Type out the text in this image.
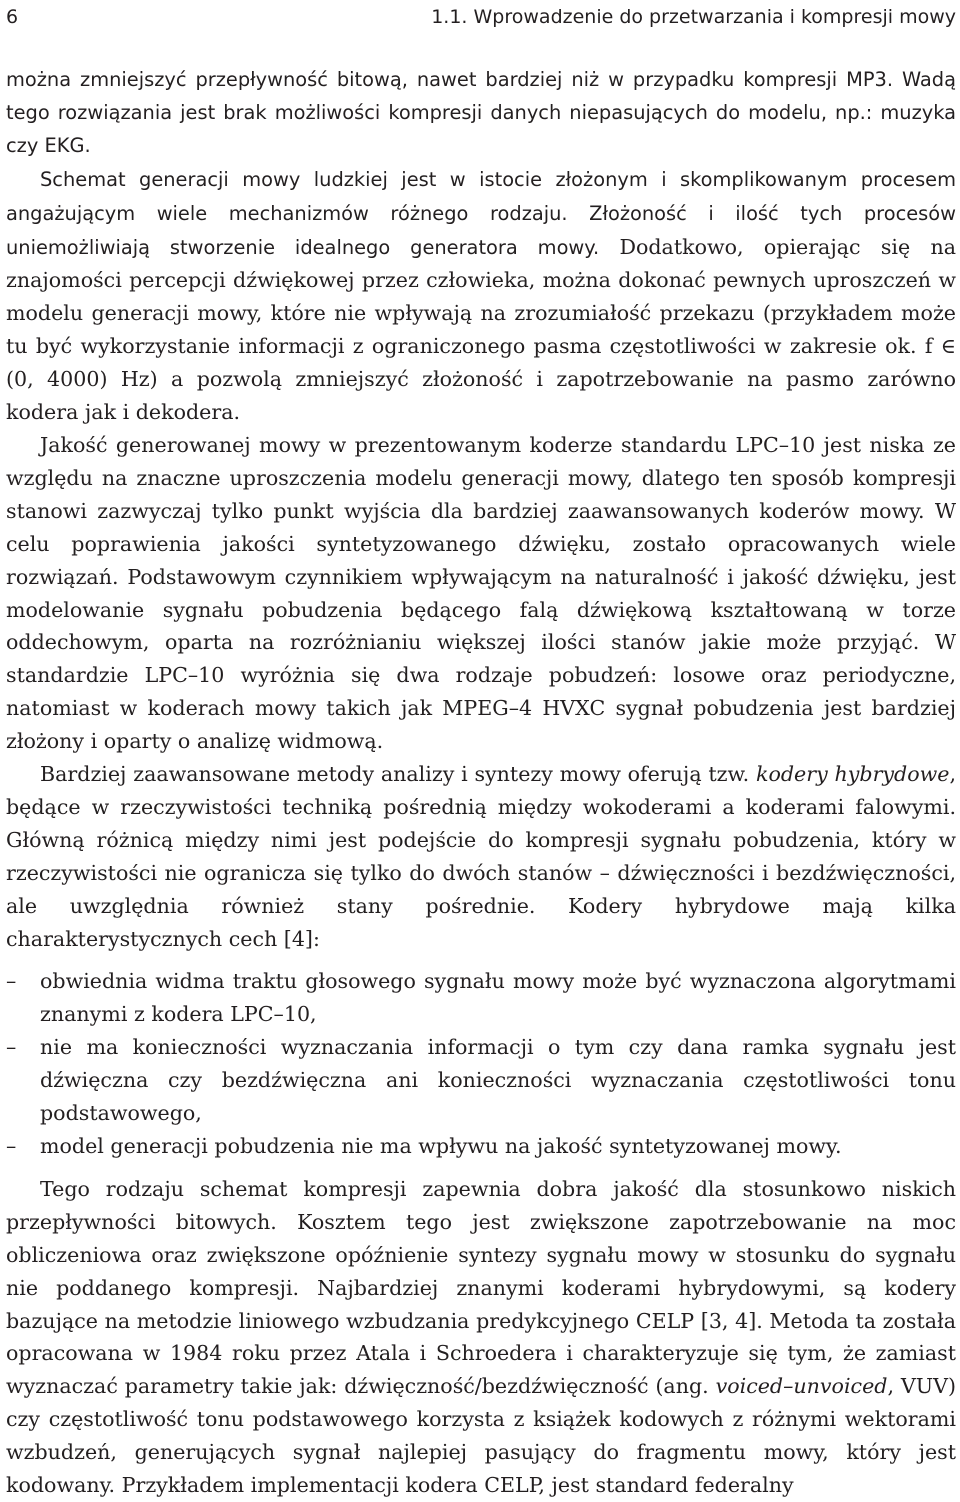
6	1.1. Wprowadzenie do przetwarzania i kompresji mowy

można zmniejszyć przepływność bitową, nawet bardziej niż w przypadku kompresji MP3. Wadą tego rozwiązania jest brak możliwości kompresji danych niepasujących do modelu, np.: muzyka czy EKG.

Schemat generacji mowy ludzkiej jest w istocie złożonym i skomplikowanym procesem angażującym wiele mechanizmów różnego rodzaju. Złożoność i ilość tych procesów uniemożliwiają stworzenie idealnego generatora mowy. Dodatkowo, opierając się na znajomości percepcji dźwiękowej przez człowieka, można dokonać pewnych uproszczeń w modelu generacji mowy, które nie wpływają na zrozumiałość przekazu (przykładem może tu być wykorzystanie informacji z ograniczonego pasma częstotliwości w zakresie ok. f ∈ (0, 4000) Hz) a pozwolą zmniejszyć złożoność i zapotrzebowanie na pasmo zarówno kodera jak i dekodera.

Jakość generowanej mowy w prezentowanym koderze standardu LPC–10 jest niska ze względu na znaczne uproszczenia modelu generacji mowy, dlatego ten sposób kompresji stanowi zazwyczaj tylko punkt wyjścia dla bardziej zaawansowanych koderów mowy. W celu poprawienia jakości syntetyzowanego dźwięku, zostało opracowanych wiele rozwiązań. Podstawowym czynnikiem wpływającym na naturalność i jakość dźwięku, jest modelowanie sygnału pobudzenia będącego falą dźwiękową kształtowaną w torze oddechowym, oparta na rozróżnianiu większej ilości stanów jakie może przyjąć. W standardzie LPC–10 wyróżnia się dwa rodzaje pobudzeń: losowe oraz periodyczne, natomiast w koderach mowy takich jak MPEG–4 HVXC sygnał pobudzenia jest bardziej złożony i oparty o analizę widmową.

Bardziej zaawansowane metody analizy i syntezy mowy oferują tzw. kodery hybrydowe, będące w rzeczywistości techniką pośrednią między wokoderami a koderami falowymi. Główną różnicą między nimi jest podejście do kompresji sygnału pobudzenia, który w rzeczywistości nie ogranicza się tylko do dwóch stanów – dźwięczności i bezdźwięczności, ale uwzględnia również stany pośrednie. Kodery hybrydowe mają kilka charakterystycznych cech [4]:

– obwiednia widma traktu głosowego sygnału mowy może być wyznaczona algorytmami znanymi z kodera LPC–10,
– nie ma konieczności wyznaczania informacji o tym czy dana ramka sygnału jest dźwięczna czy bezdźwięczna ani konieczności wyznaczania częstotliwości tonu podstawowego,
– model generacji pobudzenia nie ma wpływu na jakość syntetyzowanej mowy.

Tego rodzaju schemat kompresji zapewnia dobra jakość dla stosunkowo niskich przepływności bitowych. Kosztem tego jest zwiększone zapotrzebowanie na moc obliczeniowa oraz zwiększone opóźnienie syntezy sygnału mowy w stosunku do sygnału nie poddanego kompresji. Najbardziej znanymi koderami hybrydowymi, są kodery bazujące na metodzie liniowego wzbudzania predykcyjnego CELP [3, 4]. Metoda ta została opracowana w 1984 roku przez Atala i Schroedera i charakteryzuje się tym, że zamiast wyznaczać parametry takie jak: dźwięczność/bezdźwięczność (ang. voiced–unvoiced, VUV) czy częstotliwość tonu podstawowego korzysta z książek kodowych z różnymi wektorami wzbudzeń, generujących sygnał najlepiej pasujący do fragmentu mowy, który jest kodowany. Przykładem implementacji kodera CELP, jest standard federalny
